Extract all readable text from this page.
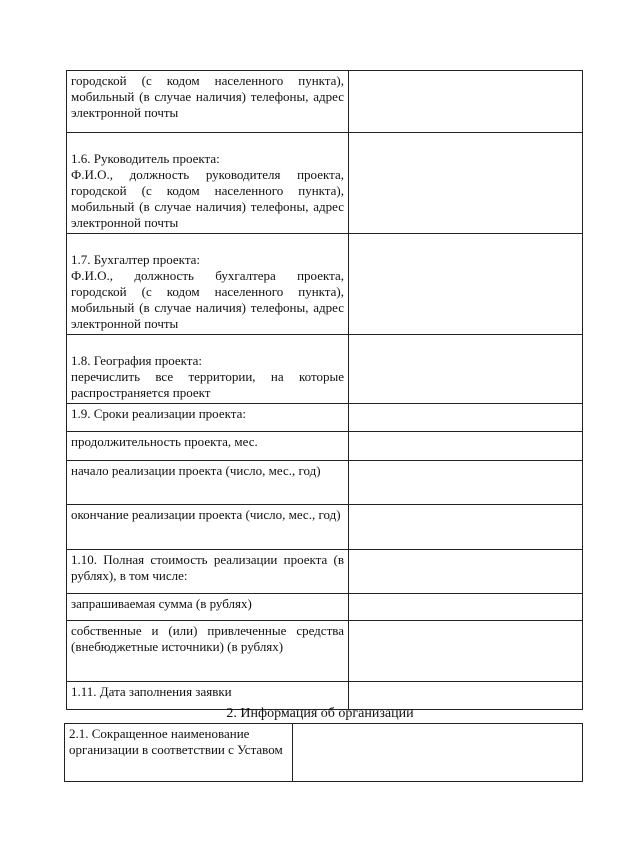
городской (с кодом населенного пункта), мобильный (в случае наличия) телефоны, адрес электронной почты	

1.6. Руководитель проекта:
Ф.И.О., должность руководителя проекта, городской (с кодом населенного пункта), мобильный (в случае наличия) телефоны, адрес электронной почты

1.7. Бухгалтер проекта:
Ф.И.О., должность бухгалтера проекта, городской (с кодом населенного пункта), мобильный (в случае наличия) телефоны, адрес электронной почты

1.8. География проекта:
перечислить все территории, на которые распространяется проект

1.9. Сроки реализации проекта:	
продолжительность проекта, мес.	
начало реализации проекта (число, мес., год)	
окончание реализации проекта (число, мес., год)	
1.10. Полная стоимость реализации проекта (в рублях), в том числе:	
запрашиваемая сумма (в рублях)	
собственные и (или) привлеченные средства (внебюджетные источники) (в рублях)	
1.11. Дата заполнения заявки	
2. Информация об организации
2.1. Сокращенное наименование организации в соответствии с Уставом	
